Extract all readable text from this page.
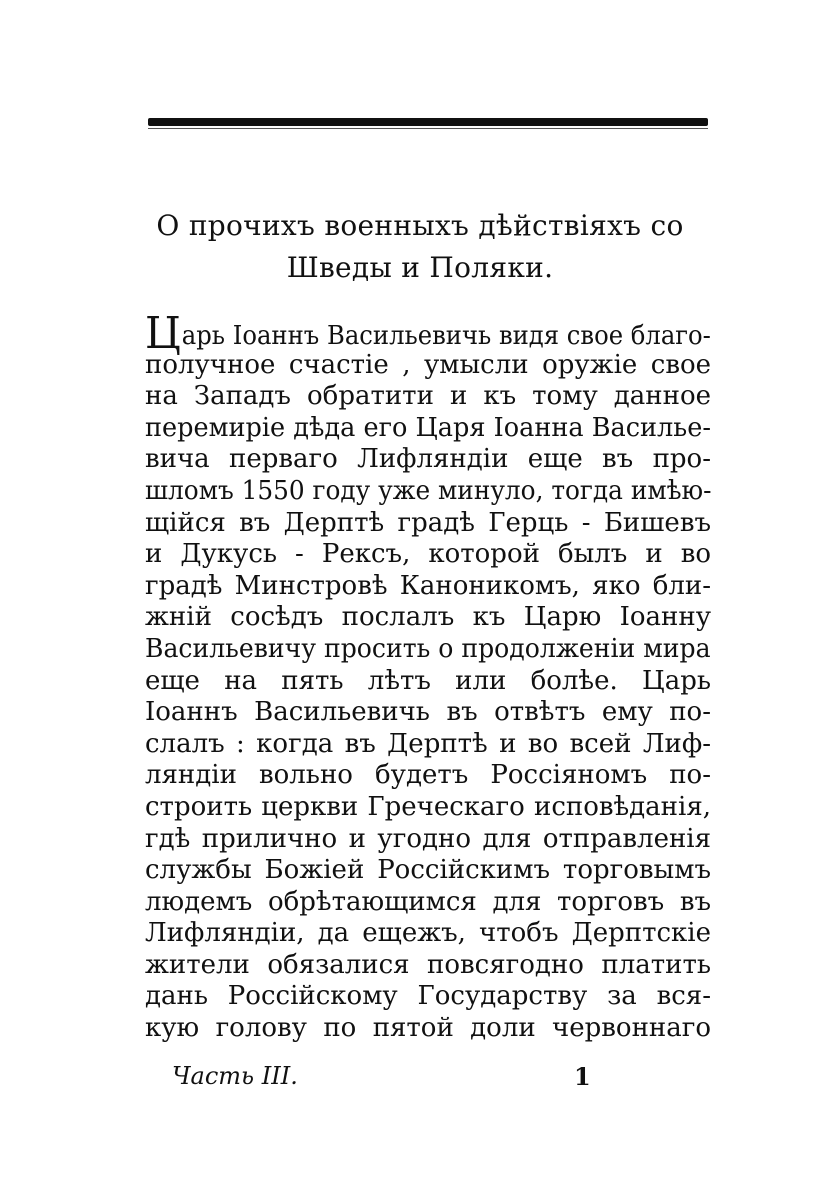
О прочихъ военныхъ дѣйствіяхъ со
Шведы и Поляки.
Царь Іоаннъ Васильевичь видя свое благо-
получное счастіе , умысли оружіе свое
на Западъ обратити и къ тому данное
перемиріе дѣда его Царя Іоанна Василье-
вича перваго Лифляндіи еще въ про-
шломъ 1550 году уже минуло, тогда имѣю-
щійся въ Дерптѣ градѣ Герць - Бишевъ
и Дукусь - Рексъ, которой былъ и во
градѣ Минстровѣ Канoникомъ, яко бли-
жній сосѣдъ послалъ къ Царю Іоанну
Васильевичу просить о продолженіи мира
еще на пять лѣтъ или болѣе. Царь
Іоаннъ Васильевичь въ отвѣтъ ему по-
слалъ : когда въ Дерптѣ и во всей Лиф-
ляндіи вольно будетъ Россіяномъ по-
строить церкви Греческаго исповѣданія,
гдѣ прилично и угодно для отправленія
службы Божіей Россійскимъ торговымъ
людемъ обрѣтающимся для торговъ въ
Лифляндіи, да ещежъ, чтобъ Дерптскіе
жители обязалися повсягодно платить
дань Россійскому Государству за вся-
кую голову по пятой доли червоннаго
Часть III.	1
